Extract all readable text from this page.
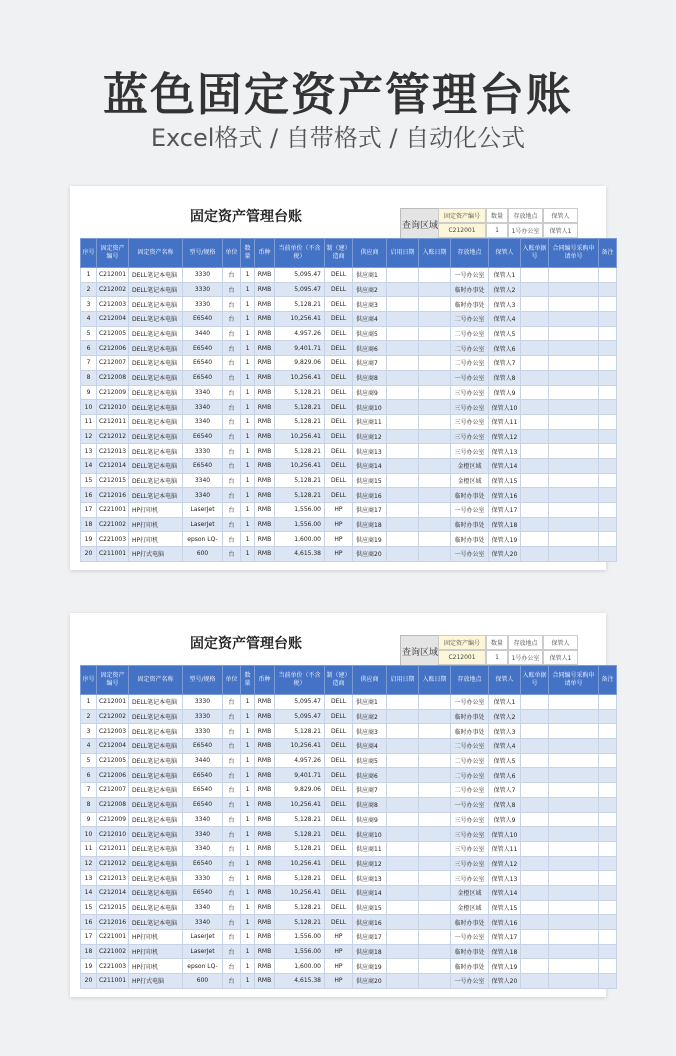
蓝色固定资产管理台账
Excel格式 / 自带格式 / 自动化公式
固定资产管理台账
查询区域
固定资产编号	数量	存放地点	保管人
C212001	1	1号办公室	保管人1
序号	固定资产编号	固定资产名称	型号/规格	单位	数量	币种	当前单价（不含税）	制（建）造商	供应商	启用日期	入账日期	存放地点	保管人	入账单据号	合同编号采购申请单号	备注
1	C212001	DELL笔记本电脑	3330	台	1	RMB	5,095.47	DELL	供应商1			一号办公室	保管人1			
2	C212002	DELL笔记本电脑	3330	台	1	RMB	5,095.47	DELL	供应商2			临时办事处	保管人2			
3	C212003	DELL笔记本电脑	3330	台	1	RMB	5,128.21	DELL	供应商3			临时办事处	保管人3			
4	C212004	DELL笔记本电脑	E6540	台	1	RMB	10,256.41	DELL	供应商4			二号办公室	保管人4			
5	C212005	DELL笔记本电脑	3440	台	1	RMB	4,957.26	DELL	供应商5			二号办公室	保管人5			
6	C212006	DELL笔记本电脑	E6540	台	1	RMB	9,401.71	DELL	供应商6			二号办公室	保管人6			
7	C212007	DELL笔记本电脑	E6540	台	1	RMB	9,829.06	DELL	供应商7			二号办公室	保管人7			
8	C212008	DELL笔记本电脑	E6540	台	1	RMB	10,256.41	DELL	供应商8			一号办公室	保管人8			
9	C212009	DELL笔记本电脑	3340	台	1	RMB	5,128.21	DELL	供应商9			三号办公室	保管人9			
10	C212010	DELL笔记本电脑	3340	台	1	RMB	5,128.21	DELL	供应商10			三号办公室	保管人10			
11	C212011	DELL笔记本电脑	3340	台	1	RMB	5,128.21	DELL	供应商11			三号办公室	保管人11			
12	C212012	DELL笔记本电脑	E6540	台	1	RMB	10,256.41	DELL	供应商12			三号办公室	保管人12			
13	C212013	DELL笔记本电脑	3330	台	1	RMB	5,128.21	DELL	供应商13			三号办公室	保管人13			
14	C212014	DELL笔记本电脑	E6540	台	1	RMB	10,256.41	DELL	供应商14			金橙区域	保管人14			
15	C212015	DELL笔记本电脑	3340	台	1	RMB	5,128.21	DELL	供应商15			金橙区域	保管人15			
16	C212016	DELL笔记本电脑	3340	台	1	RMB	5,128.21	DELL	供应商16			临时办事处	保管人16			
17	C221001	HP打印机	LaserJet	台	1	RMB	1,556.00	HP	供应商17			一号办公室	保管人17			
18	C221002	HP打印机	LaserJet	台	1	RMB	1,556.00	HP	供应商18			临时办事处	保管人18			
19	C221003	HP打印机	epson LQ-	台	1	RMB	1,600.00	HP	供应商19			临时办事处	保管人19			
20	C211001	HP打式电脑	600	台	1	RMB	4,615.38	HP	供应商20			一号办公室	保管人20			
固定资产管理台账
查询区域
固定资产编号	数量	存放地点	保管人
C212001	1	1号办公室	保管人1
序号	固定资产编号	固定资产名称	型号/规格	单位	数量	币种	当前单价（不含税）	制（建）造商	供应商	启用日期	入账日期	存放地点	保管人	入账单据号	合同编号采购申请单号	备注
1	C212001	DELL笔记本电脑	3330	台	1	RMB	5,095.47	DELL	供应商1			一号办公室	保管人1			
2	C212002	DELL笔记本电脑	3330	台	1	RMB	5,095.47	DELL	供应商2			临时办事处	保管人2			
3	C212003	DELL笔记本电脑	3330	台	1	RMB	5,128.21	DELL	供应商3			临时办事处	保管人3			
4	C212004	DELL笔记本电脑	E6540	台	1	RMB	10,256.41	DELL	供应商4			二号办公室	保管人4			
5	C212005	DELL笔记本电脑	3440	台	1	RMB	4,957.26	DELL	供应商5			二号办公室	保管人5			
6	C212006	DELL笔记本电脑	E6540	台	1	RMB	9,401.71	DELL	供应商6			二号办公室	保管人6			
7	C212007	DELL笔记本电脑	E6540	台	1	RMB	9,829.06	DELL	供应商7			二号办公室	保管人7			
8	C212008	DELL笔记本电脑	E6540	台	1	RMB	10,256.41	DELL	供应商8			一号办公室	保管人8			
9	C212009	DELL笔记本电脑	3340	台	1	RMB	5,128.21	DELL	供应商9			三号办公室	保管人9			
10	C212010	DELL笔记本电脑	3340	台	1	RMB	5,128.21	DELL	供应商10			三号办公室	保管人10			
11	C212011	DELL笔记本电脑	3340	台	1	RMB	5,128.21	DELL	供应商11			三号办公室	保管人11			
12	C212012	DELL笔记本电脑	E6540	台	1	RMB	10,256.41	DELL	供应商12			三号办公室	保管人12			
13	C212013	DELL笔记本电脑	3330	台	1	RMB	5,128.21	DELL	供应商13			三号办公室	保管人13			
14	C212014	DELL笔记本电脑	E6540	台	1	RMB	10,256.41	DELL	供应商14			金橙区域	保管人14			
15	C212015	DELL笔记本电脑	3340	台	1	RMB	5,128.21	DELL	供应商15			金橙区域	保管人15			
16	C212016	DELL笔记本电脑	3340	台	1	RMB	5,128.21	DELL	供应商16			临时办事处	保管人16			
17	C221001	HP打印机	LaserJet	台	1	RMB	1,556.00	HP	供应商17			一号办公室	保管人17			
18	C221002	HP打印机	LaserJet	台	1	RMB	1,556.00	HP	供应商18			临时办事处	保管人18			
19	C221003	HP打印机	epson LQ-	台	1	RMB	1,600.00	HP	供应商19			临时办事处	保管人19			
20	C211001	HP打式电脑	600	台	1	RMB	4,615.38	HP	供应商20			一号办公室	保管人20			
